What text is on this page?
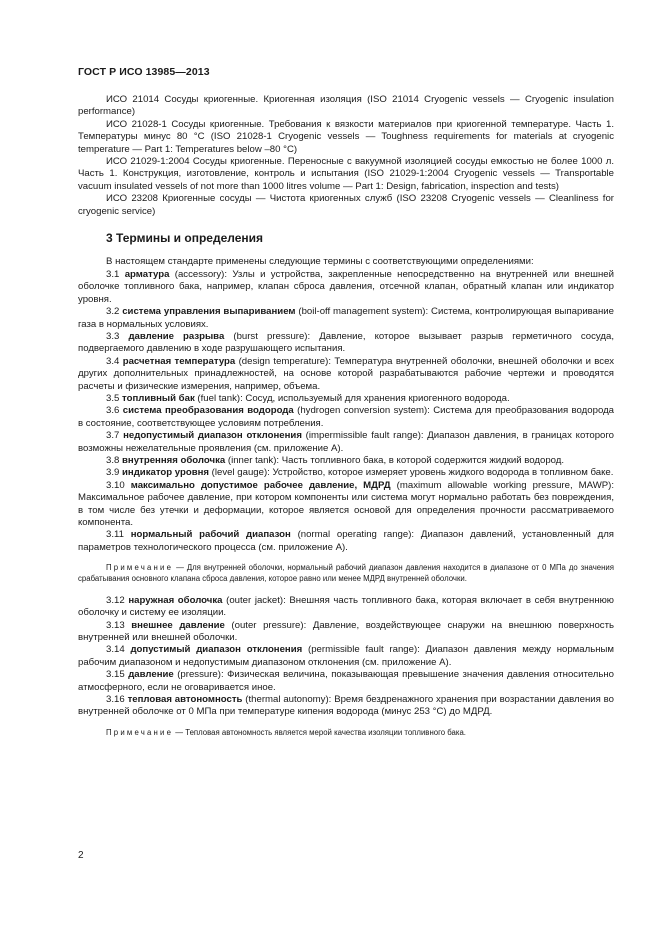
ГОСТ Р ИСО 13985—2013

ИСО 21014 Сосуды криогенные. Криогенная изоляция (ISO 21014 Cryogenic vessels — Cryogenic insulation performance)

ИСО 21028-1 Сосуды криогенные. Требования к вязкости материалов при криогенной температуре. Часть 1. Температуры минус 80 °С (ISO 21028-1 Cryogenic vessels — Toughness requirements for materials at cryogenic temperature — Part 1: Temperatures below –80 °С)

ИСО 21029-1:2004 Сосуды криогенные. Переносные с вакуумной изоляцией сосуды емкостью не более 1000 л. Часть 1. Конструкция, изготовление, контроль и испытания (ISO 21029-1:2004 Cryogenic vessels — Transportable vacuum insulated vessels of not more than 1000 litres volume — Part 1: Design, fabrication, inspection and tests)

ИСО 23208 Криогенные сосуды — Чистота криогенных служб (ISO 23208 Cryogenic vessels — Cleanliness for cryogenic service)

3 Термины и определения

В настоящем стандарте применены следующие термины с соответствующими определениями:

3.1 арматура (accessory): Узлы и устройства, закрепленные непосредственно на внутренней или внешней оболочке топливного бака, например, клапан сброса давления, отсечной клапан, обратный клапан или индикатор уровня.

3.2 система управления выпариванием (boil-off management system): Система, контролирующая выпаривание газа в нормальных условиях.

3.3 давление разрыва (burst pressure): Давление, которое вызывает разрыв герметичного сосуда, подвергаемого давлению в ходе разрушающего испытания.

3.4 расчетная температура (design temperature): Температура внутренней оболочки, внешней оболочки и всех других дополнительных принадлежностей, на основе которой разрабатываются рабочие чертежи и проводятся расчеты и физические измерения, например, объема.

3.5 топливный бак (fuel tank): Сосуд, используемый для хранения криогенного водорода.

3.6 система преобразования водорода (hydrogen conversion system): Система для преобразования водорода в состояние, соответствующее условиям потребления.

3.7 недопустимый диапазон отклонения (impermissible fault range): Диапазон давления, в границах которого возможны нежелательные проявления (см. приложение А).

3.8 внутренняя оболочка (inner tank): Часть топливного бака, в которой содержится жидкий водород.

3.9 индикатор уровня (level gauge): Устройство, которое измеряет уровень жидкого водорода в топливном баке.

3.10 максимально допустимое рабочее давление, МДРД (maximum allowable working pressure, MAWP): Максимальное рабочее давление, при котором компоненты или система могут нормально работать без повреждения, в том числе без утечки и деформации, которое является основой для определения прочности рассматриваемого компонента.

3.11 нормальный рабочий диапазон (normal operating range): Диапазон давлений, установленный для параметров технологического процесса (см. приложение А).

Примечание — Для внутренней оболочки, нормальный рабочий диапазон давления находится в диапазоне от 0 МПа до значения срабатывания основного клапана сброса давления, которое равно или менее МДРД внутренней оболочки.

3.12 наружная оболочка (outer jacket): Внешняя часть топливного бака, которая включает в себя внутреннюю оболочку и систему ее изоляции.

3.13 внешнее давление (outer pressure): Давление, воздействующее снаружи на внешнюю поверхность внутренней или внешней оболочки.

3.14 допустимый диапазон отклонения (permissible fault range): Диапазон давления между нормальным рабочим диапазоном и недопустимым диапазоном отклонения (см. приложение А).

3.15 давление (pressure): Физическая величина, показывающая превышение значения давления относительно атмосферного, если не оговаривается иное.

3.16 тепловая автономность (thermal autonomy): Время бездренажного хранения при возрастании давления во внутренней оболочке от 0 МПа при температуре кипения водорода (минус 253 °С) до МДРД.

Примечание — Тепловая автономность является мерой качества изоляции топливного бака.

2
